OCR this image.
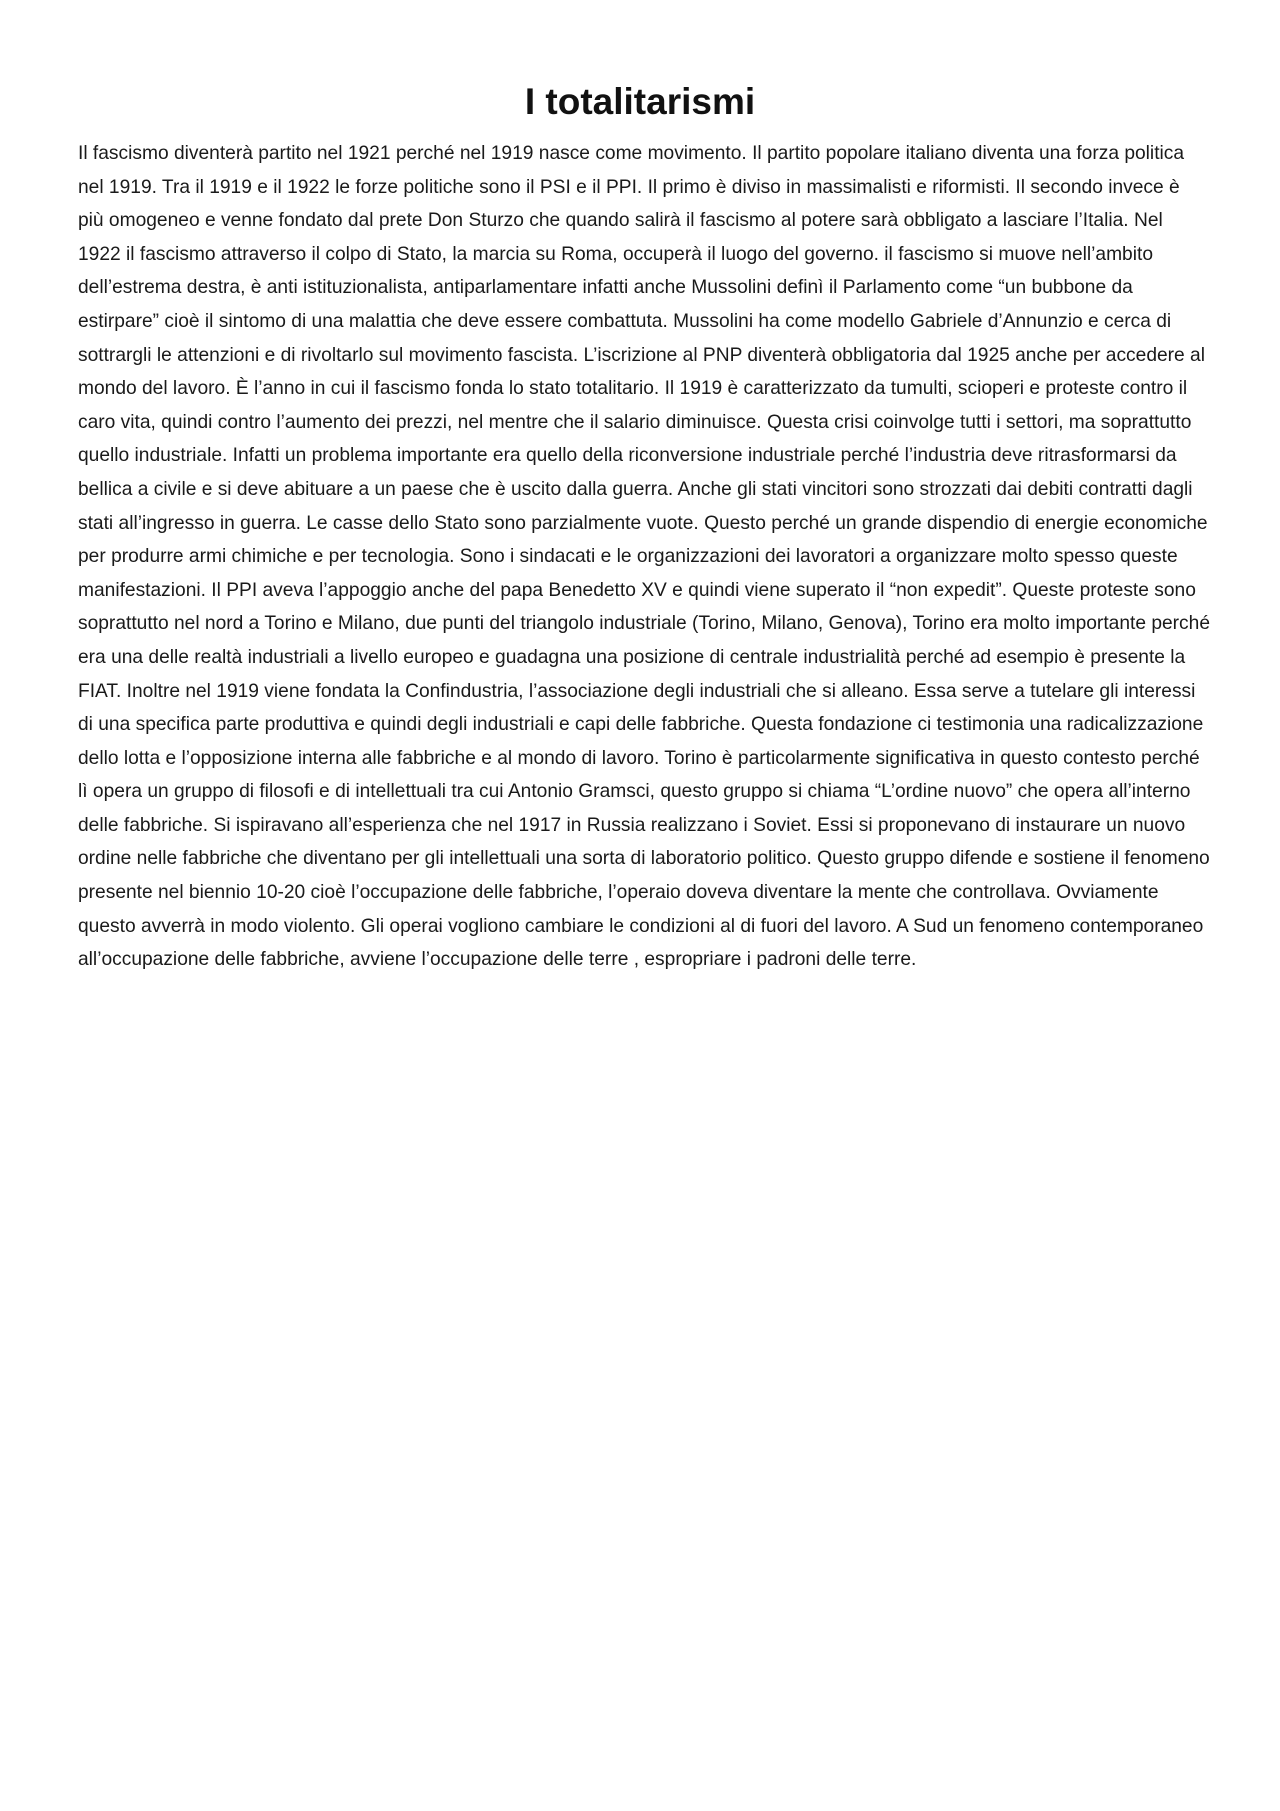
I totalitarismi

Il fascismo diventerà partito nel 1921 perché nel 1919 nasce come movimento. Il partito popolare italiano diventa una forza politica nel 1919. Tra il 1919 e il 1922 le forze politiche sono il PSI e il PPI. Il primo è diviso in massimalisti e riformisti. Il secondo invece è più omogeneo e venne fondato dal prete Don Sturzo che quando salirà il fascismo al potere sarà obbligato a lasciare l’Italia. Nel 1922 il fascismo attraverso il colpo di Stato, la marcia su Roma, occuperà il luogo del governo. il fascismo si muove nell’ambito dell’estrema destra, è anti istituzionalista, antiparlamentare infatti anche Mussolini definì il Parlamento come “un bubbone da estirpare” cioè il sintomo di una malattia che deve essere combattuta. Mussolini ha come modello Gabriele d’Annunzio e cerca di sottrargli le attenzioni e di rivoltarlo sul movimento fascista. L’iscrizione al PNP diventerà obbligatoria dal 1925 anche per accedere al mondo del lavoro. È l’anno in cui il fascismo fonda lo stato totalitario. Il 1919 è caratterizzato da tumulti, scioperi e proteste contro il caro vita, quindi contro l’aumento dei prezzi, nel mentre che il salario diminuisce. Questa crisi coinvolge tutti i settori, ma soprattutto quello industriale. Infatti un problema importante era quello della riconversione industriale perché l’industria deve ritrasformarsi da bellica a civile e si deve abituare a un paese che è uscito dalla guerra. Anche gli stati vincitori sono strozzati dai debiti contratti dagli stati all’ingresso in guerra. Le casse dello Stato sono parzialmente vuote. Questo perché un grande dispendio di energie economiche per produrre armi chimiche e per tecnologia. Sono i sindacati e le organizzazioni dei lavoratori a organizzare molto spesso queste manifestazioni. Il PPI aveva l’appoggio anche del papa Benedetto XV e quindi viene superato il “non expedit”. Queste proteste sono soprattutto nel nord a Torino e Milano, due punti del triangolo industriale (Torino, Milano, Genova), Torino era molto importante perché era una delle realtà industriali a livello europeo e guadagna una posizione di centrale industrialità perché ad esempio è presente la FIAT. Inoltre nel 1919 viene fondata la Confindustria, l’associazione degli industriali che si alleano. Essa serve a tutelare gli interessi di una specifica parte produttiva e quindi degli industriali e capi delle fabbriche. Questa fondazione ci testimonia una radicalizzazione dello lotta e l’opposizione interna alle fabbriche e al mondo di lavoro. Torino è particolarmente significativa in questo contesto perché lì opera un gruppo di filosofi e di intellettuali tra cui Antonio Gramsci, questo gruppo si chiama “L’ordine nuovo” che opera all’interno delle fabbriche. Si ispiravano all’esperienza che nel 1917 in Russia realizzano i Soviet. Essi si proponevano di instaurare un nuovo ordine nelle fabbriche che diventano per gli intellettuali una sorta di laboratorio politico. Questo gruppo difende e sostiene il fenomeno presente nel biennio 10-20 cioè l’occupazione delle fabbriche, l’operaio doveva diventare la mente che controllava. Ovviamente questo avverrà in modo violento. Gli operai vogliono cambiare le condizioni al di fuori del lavoro. A Sud un fenomeno contemporaneo all’occupazione delle fabbriche, avviene l’occupazione delle terre , espropriare i padroni delle terre.
